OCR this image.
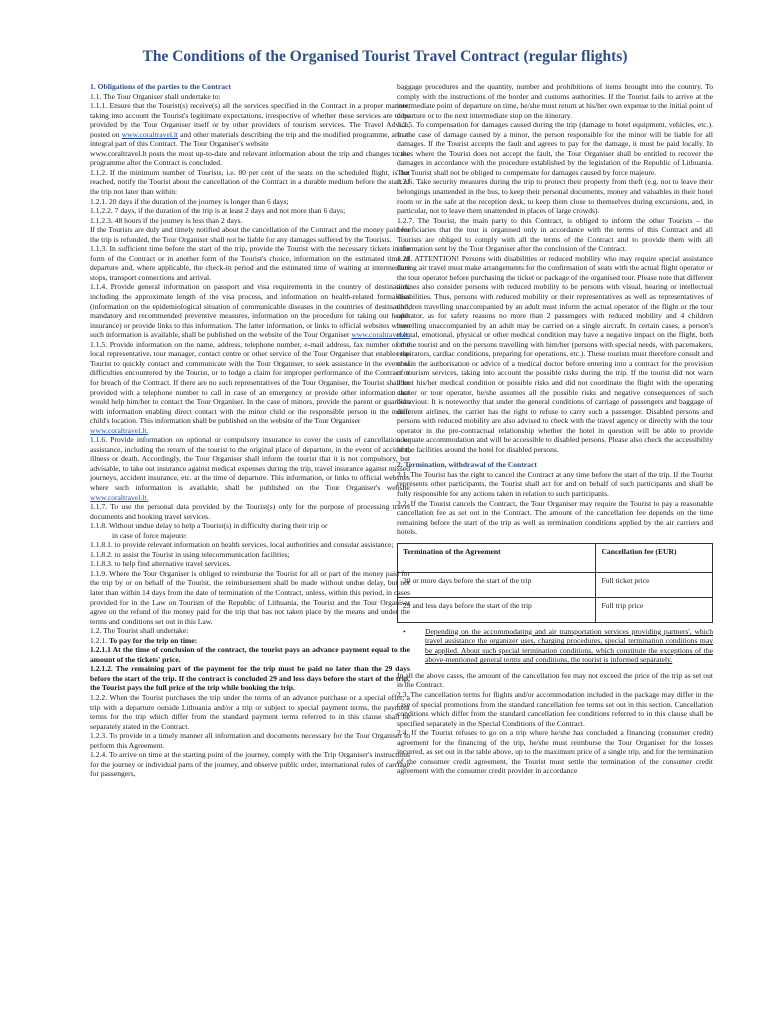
The Conditions of the Organised Tourist Travel Contract (regular flights)

1. Obligations of the parties to the Contract

1.1. The Tour Organiser shall undertake to:

1.1.1. Ensure that the Tourist(s) receive(s) all the services specified in the Contract in a proper manner, taking into account the Tourist's legitimate expectations, irrespective of whether these services are to be provided by the Tour Organiser itself or by other providers of tourism services. The Travel Advice, posted on www.coraltravel.lt and other materials describing the trip and the modified programme, are an integral part of this Contract. The Tour Organiser's website

www.coraltravel.lt posts the most up-to-date and relevant information about the trip and changes to the programme after the Contract is concluded.

1.1.2. If the minimum number of Tourists, i.e. 80 per cent of the seats on the scheduled flight, is not reached, notify the Tourist about the cancellation of the Contract in a durable medium before the start of the trip not later than within:

1.2.1. 20 days if the duration of the journey is longer than 6 days;

1.1.2.2. 7 days, if the duration of the trip is at least 2 days and not more than 6 days;

1.1.2.3. 48 hours if the journey is less than 2 days.

If the Tourists are duly and timely notified about the cancellation of the Contract and the money paid for the trip is refunded, the Tour Organiser shall not be liable for any damages suffered by the Tourists.

1.1.3. In sufficient time before the start of the trip, provide the Tourist with the necessary tickets in the form of the Contract or in another form of the Tourist's choice, information on the estimated time of departure and, where applicable, the check-in period and the estimated time of waiting at intermediate stops, transport connections and arrival.

1.1.4. Provide general information on passport and visa requirements in the country of destination, including the approximate length of the visa process, and information on health-related formalities (information on the epidemiological situation of communicable diseases in the countries of destination, mandatory and recommended preventive measures, information on the procedure for taking out health insurance) or provide links to this information. The latter information, or links to official websites where such information is available, shall be published on the website of the Tour Organiser www.coraltravel.lt.

1.1.5. Provide information on the name, address, telephone number, e-mail address, fax number of the local representative, tour manager, contact centre or other service of the Tour Organiser that enables the Tourist to quickly contact and communicate with the Tour Organiser, to seek assistance in the event of difficulties encountered by the Tourist, or to lodge a claim for improper performance of the Contract or for breach of the Contract. If there are no such representatives of the Tour Organiser, the Tourist shall be provided with a telephone number to call in case of an emergency or provide other information that would help him/her to contact the Tour Organiser. In the case of minors, provide the parent or guardian with information enabling direct contact with the minor child or the responsible person in the minor child's location. This information shall be published on the website of the Tour Organiser

www.coraltravel.lt.

1.1.6. Provide information on optional or compulsory insurance to cover the costs of cancellation or assistance, including the return of the tourist to the original place of departure, in the event of accident, illness or death. Accordingly, the Tour Organiser shall inform the tourist that it is not compulsory, but advisable, to take out insurance against medical expenses during the trip, travel insurance against missed journeys, accident insurance, etc. at the time of departure. This information, or links to official websites where such information is available, shall be published on the Tour Organiser's website www.coraltravel.lt.

1.1.7. To use the personal data provided by the Tourist(s) only for the purpose of processing travel documents and booking travel services.

1.1.8. Without undue delay to help a Tourist(s) in difficulty during their trip or

in case of force majeure:

1.1.8.1. to provide relevant information on health services, local authorities and consular assistance;

1.1.8.2. to assist the Tourist in using telecommunication facilities;

1.1.8.3. to help find alternative travel services.

1.1.9. Where the Tour Organiser is obliged to reimburse the Tourist for all or part of the money paid for the trip by or on behalf of the Tourist, the reimbursement shall be made without undue delay, but not later than within 14 days from the date of termination of the Contract, unless, within this period, in cases provided for in the Law on Tourism of the Republic of Lithuania, the Tourist and the Tour Organiser agree on the refund of the money paid for the trip that has not taken place by the means and under the terms and conditions set out in this Law.

1.2. The Tourist shall undertake:

1.2.1. To pay for the trip on time:

1.2.1.1 At the time of conclusion of the contract, the tourist pays an advance payment equal to the amount of the tickets' price.

1.2.1.2. The remaining part of the payment for the trip must be paid no later than the 29 days before the start of the trip. If the contract is concluded 29 and less days before the start of the trip, the Tourist pays the full price of the trip while booking the trip.

1.2.2. When the Tourist purchases the trip under the terms of an advance purchase or a special offer, a trip with a departure outside Lithuania and/or a trip or subject to special payment terms, the payment terms for the trip which differ from the standard payment terms referred to in this clause shall be separately stated in the Contract.

1.2.3. To provide in a timely manner all information and documents necessary for the Tour Organiser to perform this Agreement.

1.2.4. To arrive on time at the starting point of the journey, comply with the Trip Organiser's instructions for the journey or individual parts of the journey, and observe public order, international rules of carriage for passengers,

baggage procedures and the quantity, number and prohibitions of items brought into the country. To comply with the instructions of the border and customs authorities. If the Tourist fails to arrive at the intermediate point of departure on time, he/she must return at his/her own expense to the initial point of departure or to the next intermediate stop on the itinerary.

1.2.5. To compensation for damages caused during the trip (damage to hotel equipment, vehicles, etc.). In the case of damage caused by a minor, the person responsible for the minor will be liable for all damages. If the Tourist accepts the fault and agrees to pay for the damage, it must be paid locally. In cases where the Tourist does not accept the fault, the Tour Organiser shall be entitled to recover the damages in accordance with the procedure established by the legislation of the Republic of Lithuania. The Tourist shall not be obliged to compensate for damages caused by force majeure.

1.2.6. Take security measures during the trip to protect their property from theft (e.g. not to leave their belongings unattended in the bus, to keep their personal documents, money and valuables in their hotel room or in the safe at the reception desk, to keep them close to themselves during excursions, and, in particular, not to leave them unattended in places of large crowds).

1.2.7. The Tourist, the main party to this Contract, is obliged to inform the other Tourists – the beneficiaries that the tour is organised only in accordance with the terms of this Contract and all Tourists are obliged to comply with all the terms of the Contract and to provide them with all information sent by the Tour Organiser after the conclusion of the Contract.

1.28. ATTENTION! Persons with disabilities or reduced mobility who may require special assistance during air travel must make arrangements for the confirmation of seats with the actual flight operator or the tour operator before purchasing the ticket or package of the organised tour. Please note that different airlines also consider persons with reduced mobility to be persons with visual, hearing or intellectual disabilities. Thus, persons with reduced mobility or their representatives as well as representatives of children travelling unaccompanied by an adult must inform the actual operator of the flight or the tour operator, as for safety reasons no more than 2 passengers with reduced mobility and 4 children travelling unaccompanied by an adult may be carried on a single aircraft. In certain cases, a person's mental, emotional, physical or other medical condition may have a negative impact on the flight, both on the tourist and on the persons travelling with him/her (persons with special needs, with pacemakers, respirators, cardiac conditions, preparing for operations, etc.). These tourists must therefore consult and obtain the authorisation or advice of a medical doctor before entering into a contract for the provision of tourism services, taking into account the possible risks during the trip. If the tourist did not warn about his/her medical condition or possible risks and did not coordinate the flight with the operating carrier or tour operator, he/she assumes all the possible risks and negative consequences of such behaviour. It is noteworthy that under the general conditions of carriage of passengers and baggage of different airlines, the carrier has the right to refuse to carry such a passenger. Disabled persons and persons with reduced mobility are also advised to check with the travel agency or directly with the tour operator in the pre-contractual relationship whether the hotel in question will be able to provide adequate accommodation and will be accessible to disabled persons. Please also check the accessibility of the facilities around the hotel for disabled persons.

2. Termination, withdrawal of the Contract

2.1. The Tourist has the right to cancel the Contract at any time before the start of the trip. If the Tourist represents other participants, the Tourist shall act for and on behalf of such participants and shall be fully responsible for any actions taken in relation to such participants.

2.2. If the Tourist cancels the Contract, the Tour Organiser may require the Tourist to pay a reasonable cancellation fee as set out in the Contract. The amount of the cancellation fee depends on the time remaining before the start of the trip as well as termination conditions applied by the air carriers and hotels.

Termination of the Agreement	Cancellation fee (EUR)
30 or more days before the start of the trip	Full ticket price
29 and less days before the start of the trip	Full trip price
•	Depending on the accommodating and air transportation services providing partners', which travel assistance the organizer uses, charging procedures, special termination conditions may be applied. About such special termination conditions, which constitute the exceptions of the above-mentioned general terms and conditions, the tourist is informed separately.

In all the above cases, the amount of the cancellation fee may not exceed the price of the trip as set out in the Contract.

2.3. The cancellation terms for flights and/or accommodation included in the package may differ in the case of special promotions from the standard cancellation fee terms set out in this section. Cancellation conditions which differ from the standard cancellation fee conditions referred to in this clause shall be specified separately in the Special Conditions of the Contract.

2.4. If the Tourist refuses to go on a trip where he/she has concluded a financing (consumer credit) agreement for the financing of the trip, he/she must reimburse the Tour Organiser for the losses incurred, as set out in the table above, up to the maximum price of a single trip, and for the termination of the consumer credit agreement, the Tourist must settle the termination of the consumer credit agreement with the consumer credit provider in accordance
